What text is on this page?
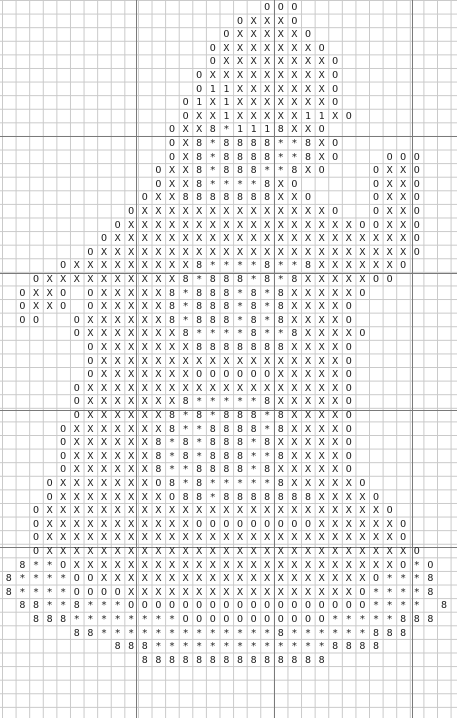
O O O
O X X X O
O X X X X X O
O X X X X X X X O
O X X X X X X X X O
O X X X X X X X X X O
O 1 1 X X X X X X X O
O 1 X 1 X X X X X X X O
O X X 1 X X X X X 1 1 X O
O X X 8 * 1 1 1 8 X X O
O X 8 * 8 8 8 8 * * 8 X O
O X 8 * 8 8 8 8 * * 8 X O	O O O
O X X 8 * 8 8 8 * * 8 X O	O X X O
O X X 8 * * * * 8 X O	O X X O
O X X 8 8 8 8 8 8 8 X X O	O X X O
O X X X X X X X X X X X X X X O	O X X O
O X X X X X X X X X X X X X X X X X O O X X O
O X X X X X X X X X X X X X X X X X X X X X X O
O X X X X X X X X X X X X X X X X X X X X X X X O
O X X X X X X X X X 8 * * * * 8 * * 8 X X X X X X O
O X X X X X X X X X X 8 * 8 8 8 * 8 * 8 X X X X X O O
O X X O	O X X X X X 8 * 8 8 8 * 8 * 8 X X X X X O
O X X O	O X X X X X 8 * 8 8 8 * 8 * 8 X X X X O
O O	O X X X X X X 8 * 8 8 8 * 8 * 8 X X X X O
O X X X X X X X 8 * * * * 8 * * 8 X X X X O
O X X X X X X X 8 8 8 8 8 8 8 X X X X O
O X X X X X X X X X X X X X X X X X X O
O X X X X X X X O O O O O O X X X X X O
O X X X X X X X X X X X X X X X X X X X O
O X X X X X X X 8 * * * * * 8 X X X X X O
O X X X X X X 8 * 8 * 8 8 8 * 8 X X X X O
O X X X X X X X 8 * * 8 8 8 8 * 8 X X X X O
O X X X X X X 8 * 8 * 8 8 8 * 8 X X X X X O
O X X X X X X 8 * 8 * 8 8 8 * * 8 X X X X O
O X X X X X X 8 * * 8 8 8 8 * 8 X X X X X O
O X X X X X X X O 8 * 8 * * * * * 8 X X X X X O
O X X X X X X X X O 8 8 * 8 8 8 8 8 8 8 X X X X O
O X X X X X X X X X X X X X X X X X X X X X X X X X O
O X X X X X X X X X X X O O O O O O O O O X X X X X X O
O X X X X X X X X X X X X X X X X X X X X X X X X X X O
O X X X X X X X X X X X X X X X X X X X X X X X X X X X O
8 * * O X X X X X X X X X X X X X X X X X X X X X X X X O * O
8 * * * * O O X X X X X X X X X X X X X X X X X X X X O * * * 8
8 * * * * O O O O X X X X X X X X X X X X X X X X X O * * * * 8
8 8 * * 8 * * * O O O O O O O O O O O O O O O O O O * * * *	8
8 8 8 * * * * * * * * O O O O O O O O O O O * * * * * 8 8 8
8 8 * * * * * * * * * * * * * 8 * * * * * * 8 8 8
8 8 8 * * * * * * * * * * * * * 8 8 8 8
8 8 8 8 8 8 8 8 8 8 8 8 8 8
